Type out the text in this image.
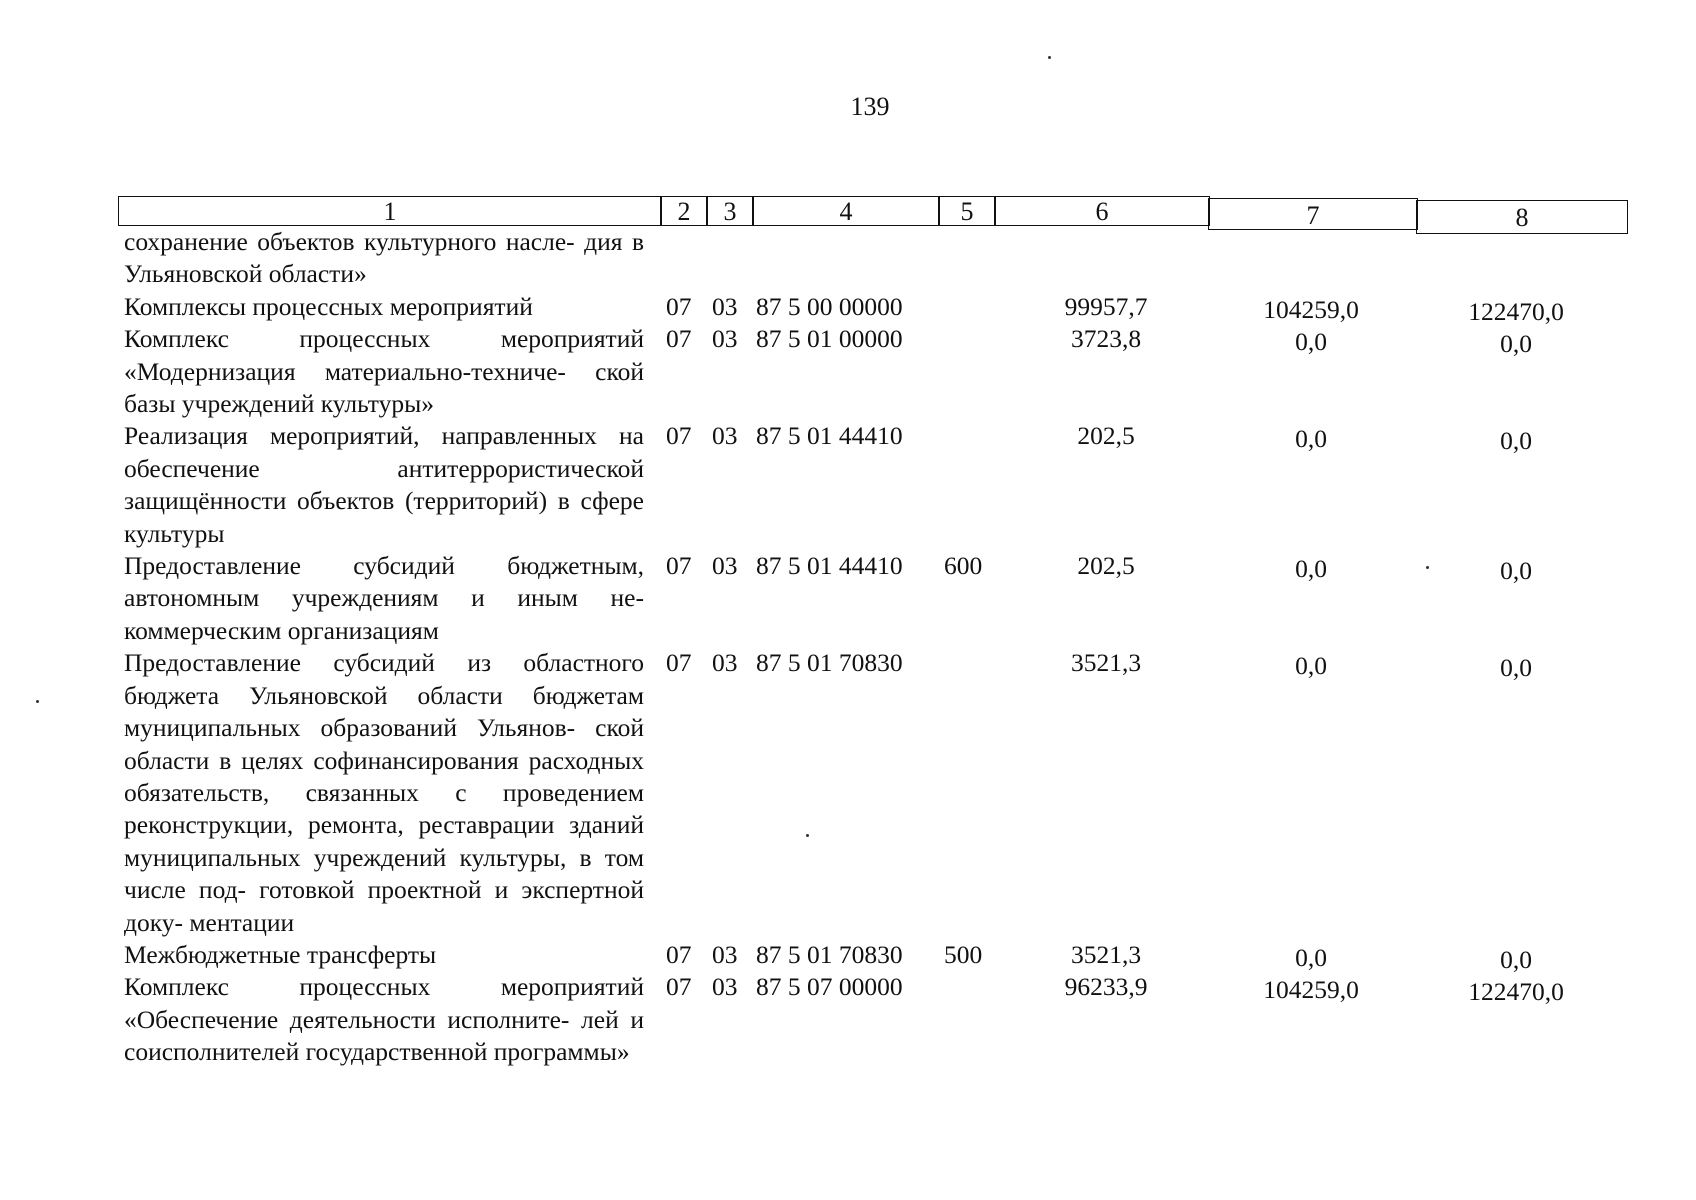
139
1	2	3	4	5	6	7	8
сохранение объектов культурного насле- дия в Ульяновской области»
Комплексы процессных мероприятий	07 03 87 5 00 00000	99957,7	104259,0	122470,0
Комплекс процессных мероприятий «Модернизация материально-техниче- ской базы учреждений культуры»
07 03 87 5 01 00000	3723,8	0,0	0,0
Реализация мероприятий, направленных на обеспечение антитеррористической защищённости объектов (территорий) в сфере культуры
07 03 87 5 01 44410	202,5	0,0	0,0
Предоставление субсидий бюджетным, автономным учреждениям и иным не- коммерческим организациям
07 03 87 5 01 44410 600	202,5	0,0	0,0
Предоставление субсидий из областного бюджета Ульяновской области бюджетам муниципальных образований Ульянов- ской области в целях софинансирования расходных обязательств, связанных с проведением реконструкции, ремонта, реставрации зданий муниципальных учреждений культуры, в том числе под- готовкой проектной и экспертной доку- ментации
07 03 87 5 01 70830	3521,3	0,0	0,0
Межбюджетные трансферты	07 03 87 5 01 70830 500	3521,3	0,0	0,0
Комплекс процессных мероприятий «Обеспечение деятельности исполните- лей и соисполнителей государственной программы»
07 03 87 5 07 00000	96233,9	104259,0	122470,0
